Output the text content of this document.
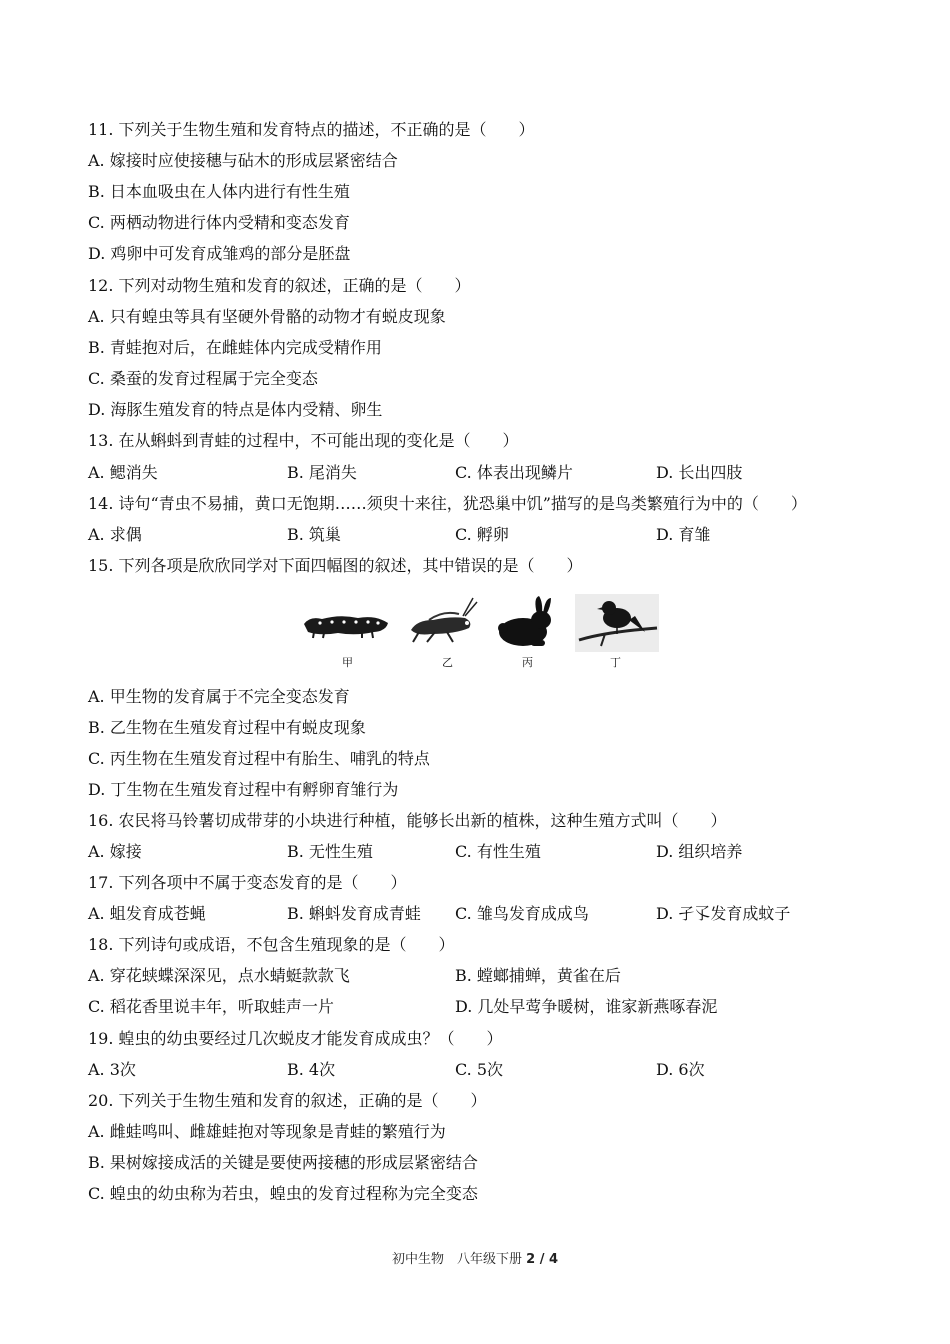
11. 下列关于生物生殖和发育特点的描述，不正确的是（　　）
A. 嫁接时应使接穗与砧木的形成层紧密结合
B. 日本血吸虫在人体内进行有性生殖
C. 两栖动物进行体内受精和变态发育
D. 鸡卵中可发育成雏鸡的部分是胚盘
12. 下列对动物生殖和发育的叙述，正确的是（　　）
A. 只有蝗虫等具有坚硬外骨骼的动物才有蜕皮现象
B. 青蛙抱对后，在雌蛙体内完成受精作用
C. 桑蚕的发育过程属于完全变态
D. 海豚生殖发育的特点是体内受精、卵生
13. 在从蝌蚪到青蛙的过程中，不可能出现的变化是（　　）
A. 鳃消失	B. 尾消失	C. 体表出现鳞片	D. 长出四肢
14. 诗句“青虫不易捕，黄口无饱期……须臾十来往，犹恐巢中饥”描写的是鸟类繁殖行为中的（　　）
A. 求偶	B. 筑巢	C. 孵卵	D. 育雏
15. 下列各项是欣欣同学对下面四幅图的叙述，其中错误的是（　　）
甲	乙	丙	丁
A. 甲生物的发育属于不完全变态发育
B. 乙生物在生殖发育过程中有蜕皮现象
C. 丙生物在生殖发育过程中有胎生、哺乳的特点
D. 丁生物在生殖发育过程中有孵卵育雏行为
16. 农民将马铃薯切成带芽的小块进行种植，能够长出新的植株，这种生殖方式叫（　　）
A. 嫁接	B. 无性生殖	C. 有性生殖	D. 组织培养
17. 下列各项中不属于变态发育的是（　　）
A. 蛆发育成苍蝇	B. 蝌蚪发育成青蛙 C. 雏鸟发育成成鸟	D. 孑孓发育成蚊子
18. 下列诗句或成语，不包含生殖现象的是（　　）
A. 穿花蛱蝶深深见，点水蜻蜓款款飞	B. 螳螂捕蝉，黄雀在后
C. 稻花香里说丰年，听取蛙声一片	D. 几处早莺争暖树，谁家新燕啄春泥
19. 蝗虫的幼虫要经过几次蜕皮才能发育成成虫？（　　）
A. 3次	B. 4次	C. 5次	D. 6次
20. 下列关于生物生殖和发育的叙述，正确的是（　　）
A. 雌蛙鸣叫、雌雄蛙抱对等现象是青蛙的繁殖行为
B. 果树嫁接成活的关键是要使两接穗的形成层紧密结合
C. 蝗虫的幼虫称为若虫，蝗虫的发育过程称为完全变态
初中生物　八年级下册 2 / 4
